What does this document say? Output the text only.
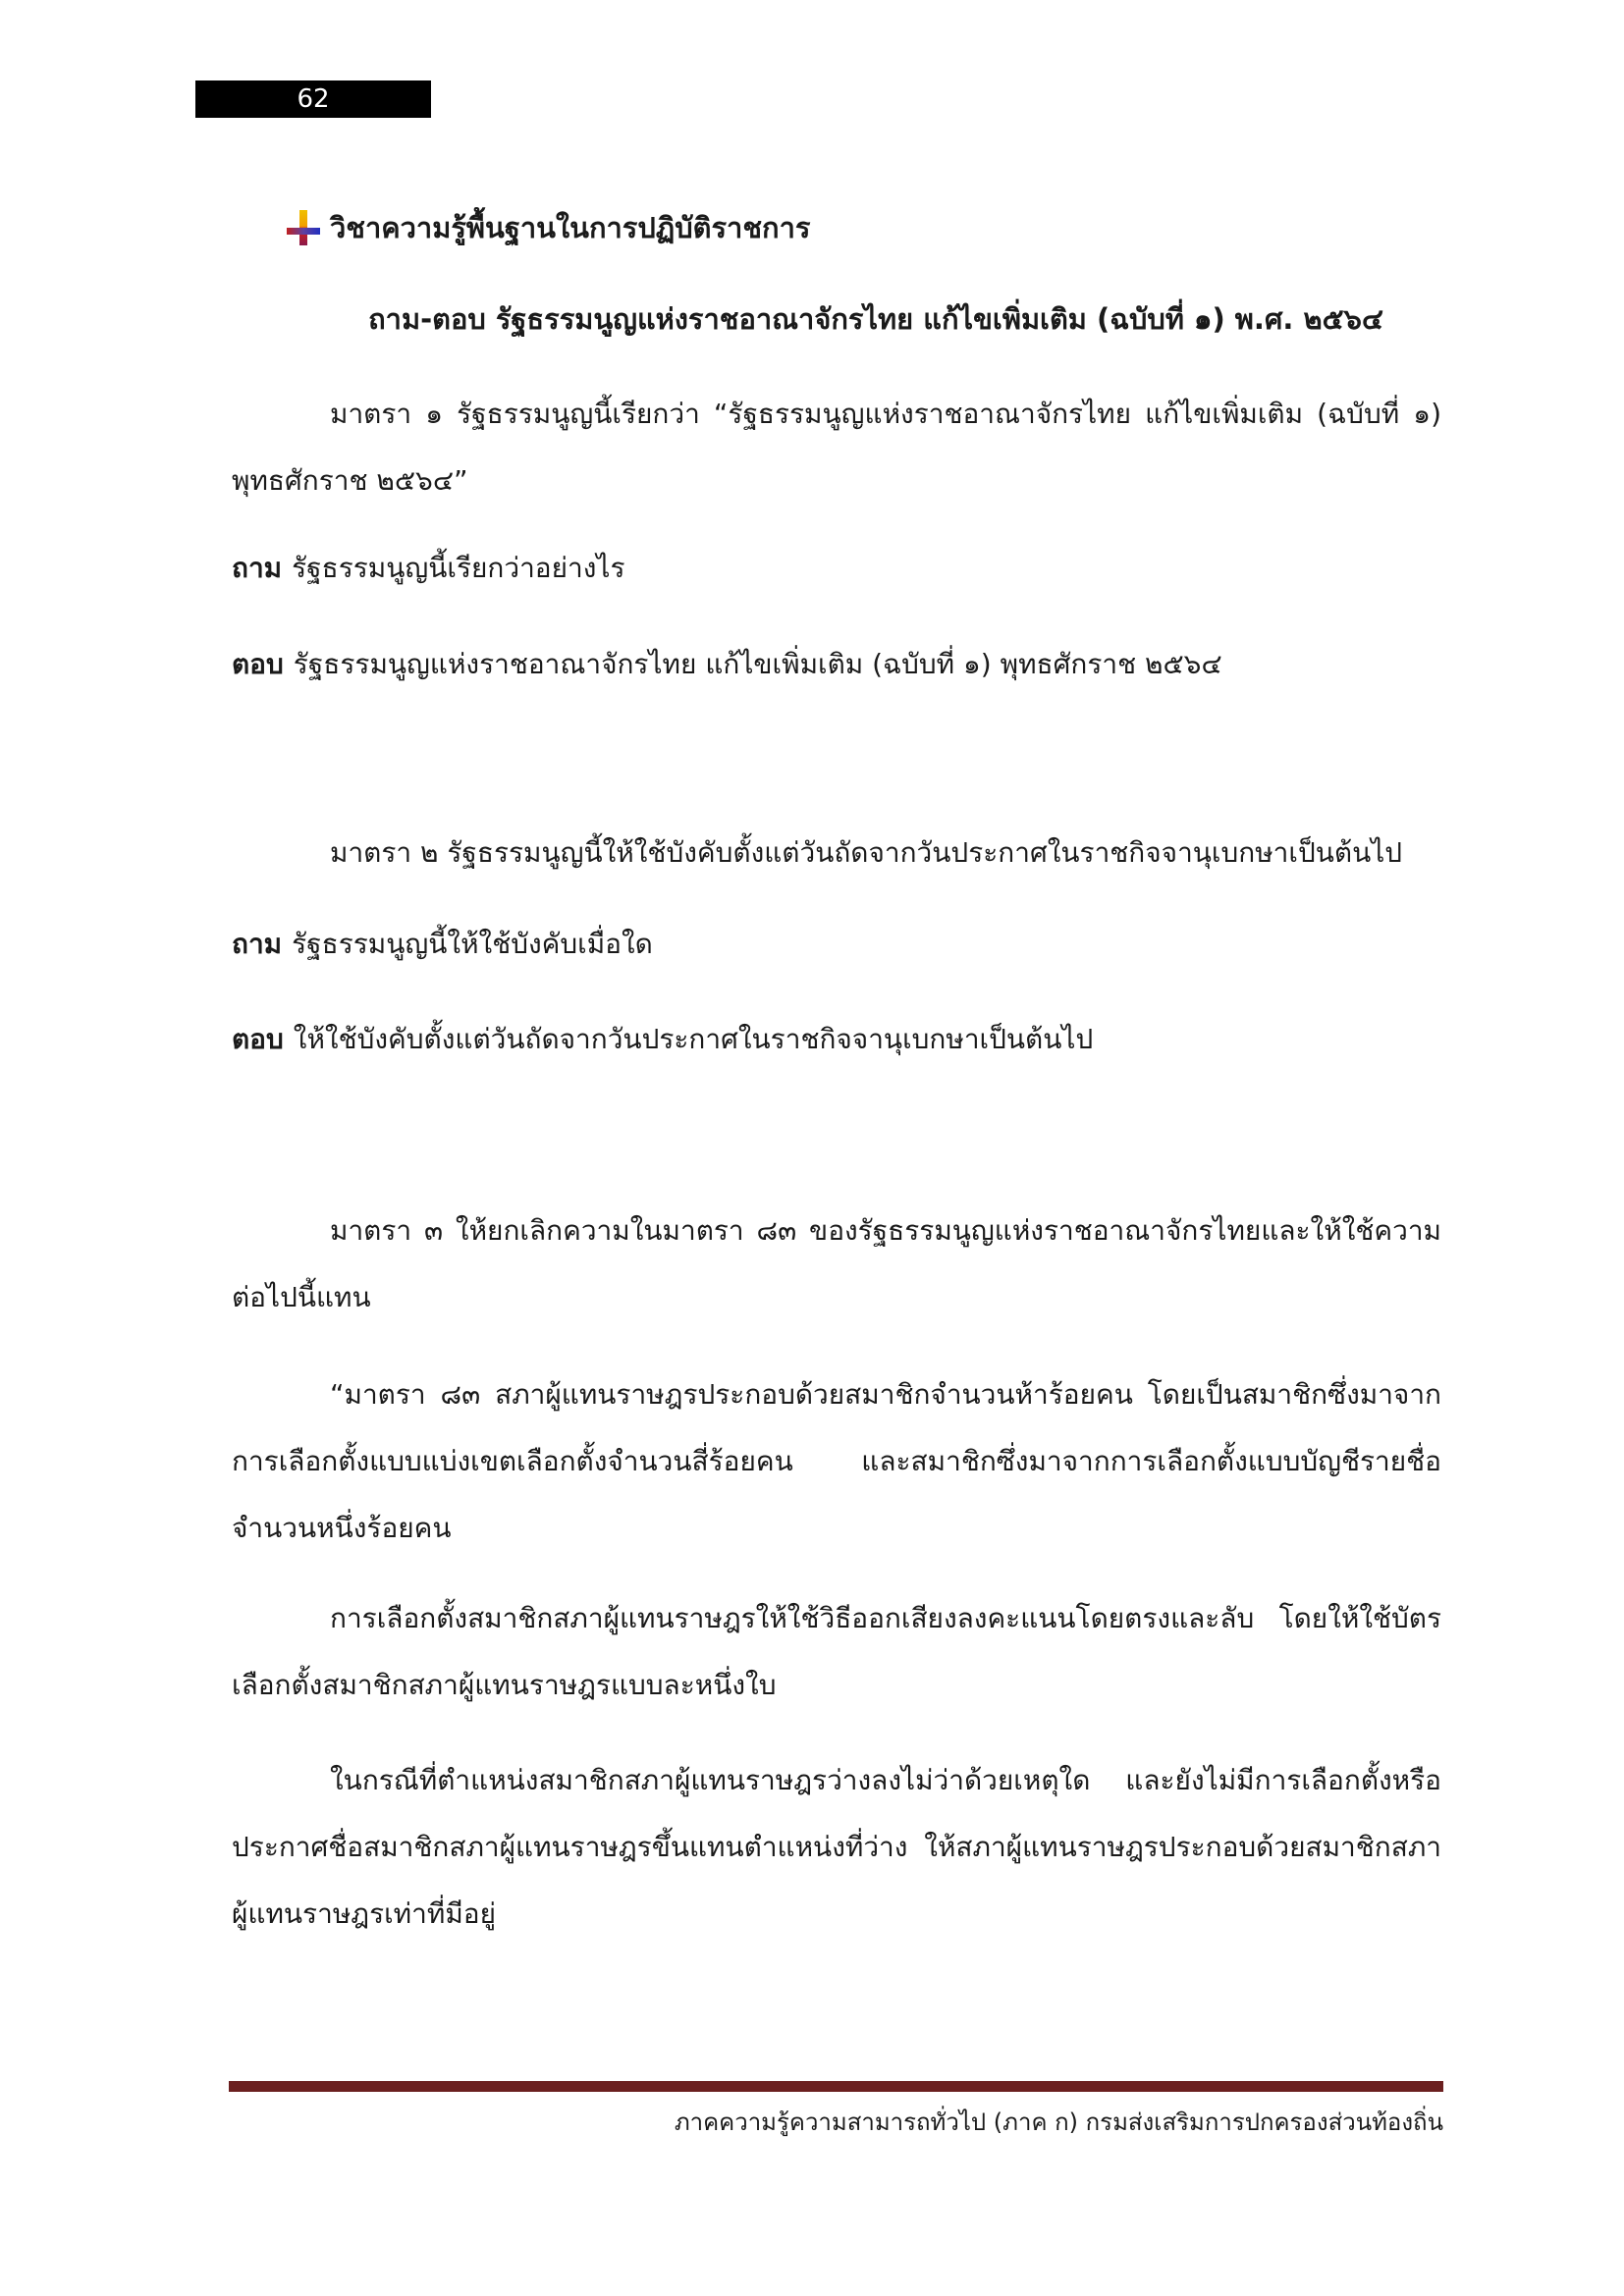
62
วิชาความรู้พื้นฐานในการปฏิบัติราชการ
ถาม-ตอบ รัฐธรรมนูญแห่งราชอาณาจักรไทย แก้ไขเพิ่มเติม (ฉบับที่ ๑) พ.ศ. ๒๕๖๔
มาตรา ๑ รัฐธรรมนูญนี้เรียกว่า “รัฐธรรมนูญแห่งราชอาณาจักรไทย แก้ไขเพิ่มเติม (ฉบับที่ ๑) พุทธศักราช ๒๕๖๔”
ถาม รัฐธรรมนูญนี้เรียกว่าอย่างไร
ตอบ รัฐธรรมนูญแห่งราชอาณาจักรไทย แก้ไขเพิ่มเติม (ฉบับที่ ๑) พุทธศักราช ๒๕๖๔
มาตรา ๒ รัฐธรรมนูญนี้ให้ใช้บังคับตั้งแต่วันถัดจากวันประกาศในราชกิจจานุเบกษาเป็นต้นไป
ถาม รัฐธรรมนูญนี้ให้ใช้บังคับเมื่อใด
ตอบ ให้ใช้บังคับตั้งแต่วันถัดจากวันประกาศในราชกิจจานุเบกษาเป็นต้นไป
มาตรา ๓ ให้ยกเลิกความในมาตรา ๘๓ ของรัฐธรรมนูญแห่งราชอาณาจักรไทยและให้ใช้ความต่อไปนี้แทน
“มาตรา ๘๓ สภาผู้แทนราษฎรประกอบด้วยสมาชิกจำนวนห้าร้อยคน โดยเป็นสมาชิกซึ่งมาจากการเลือกตั้งแบบแบ่งเขตเลือกตั้งจำนวนสี่ร้อยคน และสมาชิกซึ่งมาจากการเลือกตั้งแบบบัญชีรายชื่อจำนวนหนึ่งร้อยคน
การเลือกตั้งสมาชิกสภาผู้แทนราษฎรให้ใช้วิธีออกเสียงลงคะแนนโดยตรงและลับ โดยให้ใช้บัตรเลือกตั้งสมาชิกสภาผู้แทนราษฎรแบบละหนึ่งใบ
ในกรณีที่ตำแหน่งสมาชิกสภาผู้แทนราษฎรว่างลงไม่ว่าด้วยเหตุใด และยังไม่มีการเลือกตั้งหรือประกาศชื่อสมาชิกสภาผู้แทนราษฎรขึ้นแทนตำแหน่งที่ว่าง ให้สภาผู้แทนราษฎรประกอบด้วยสมาชิกสภาผู้แทนราษฎรเท่าที่มีอยู่
ภาคความรู้ความสามารถทั่วไป (ภาค ก) กรมส่งเสริมการปกครองส่วนท้องถิ่น
